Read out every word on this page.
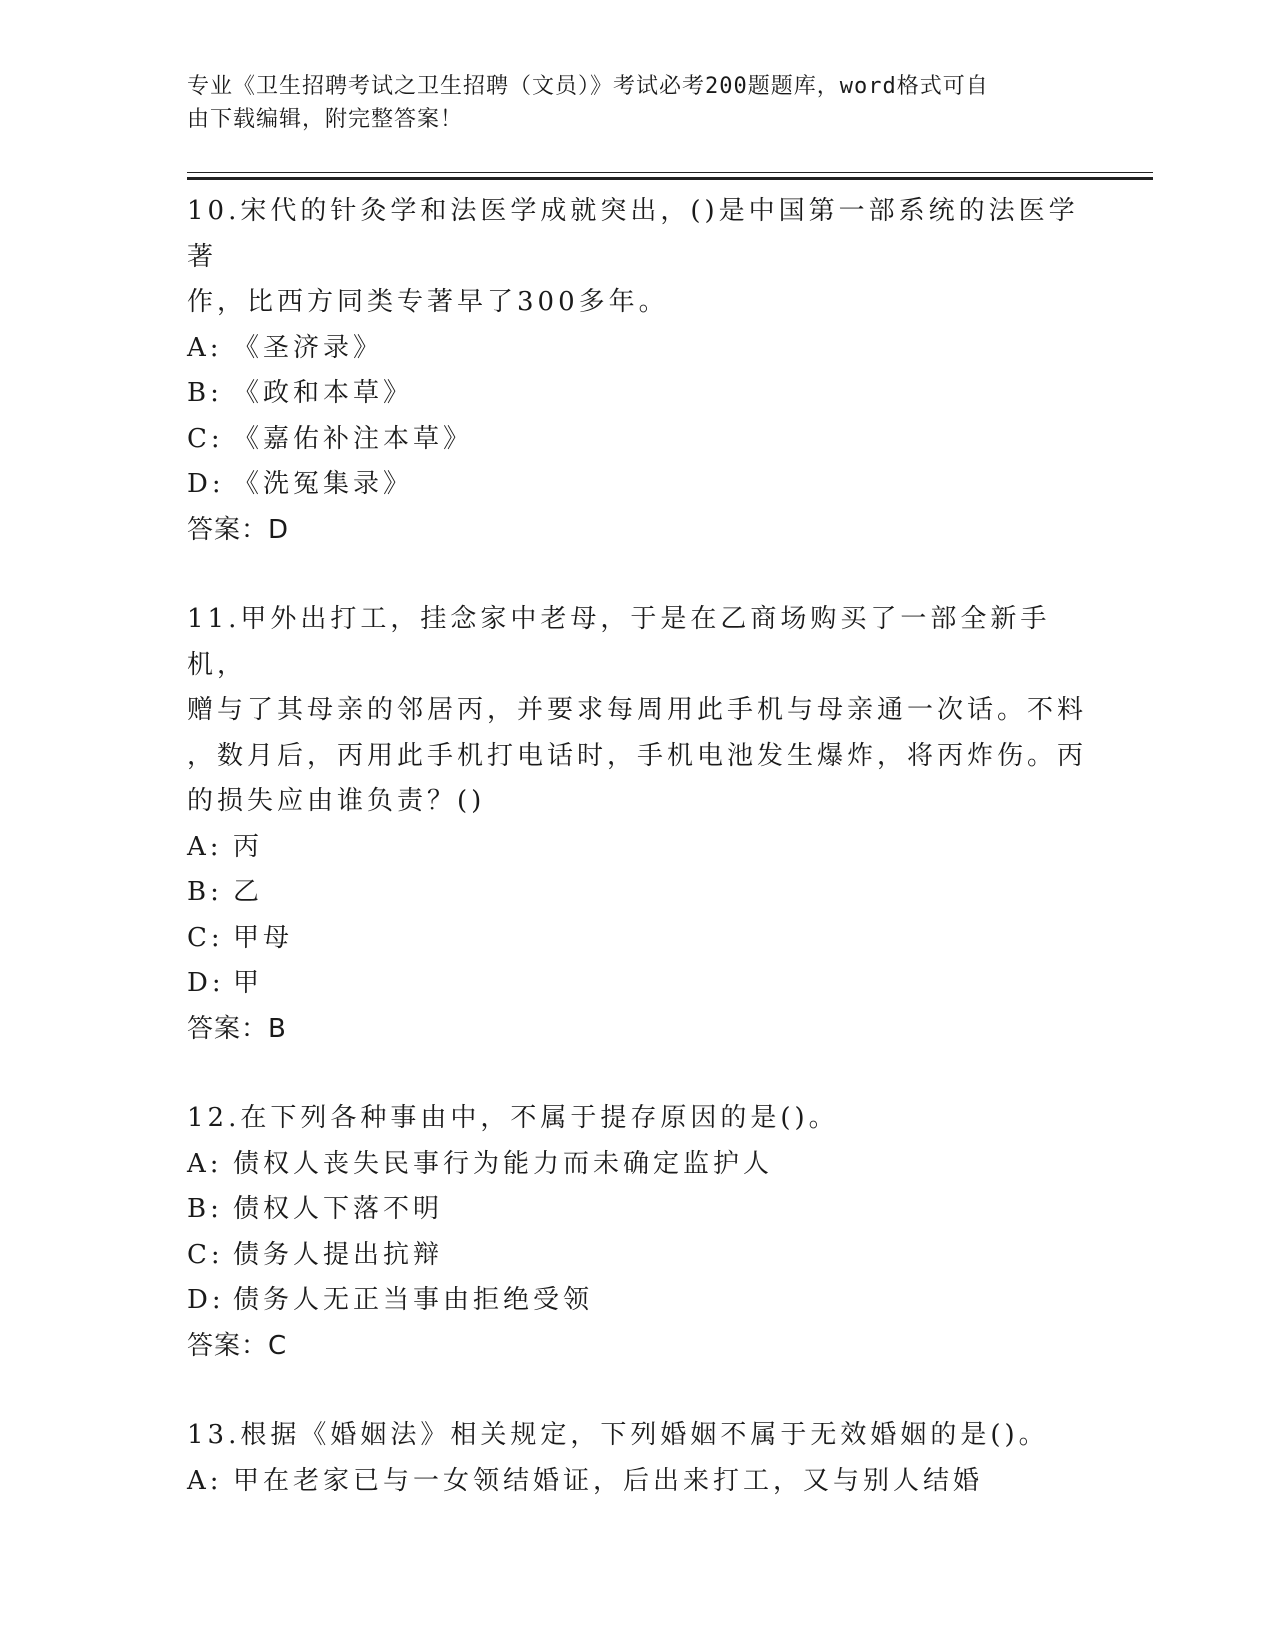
专业《卫生招聘考试之卫生招聘（文员）》考试必考200题题库，word格式可自
由下载编辑，附完整答案！

10.宋代的针灸学和法医学成就突出，()是中国第一部系统的法医学著

作，比西方同类专著早了300多年。

A: 《圣济录》

B: 《政和本草》

C: 《嘉佑补注本草》

D: 《洗冤集录》

答案：D

11.甲外出打工，挂念家中老母，于是在乙商场购买了一部全新手机，

赠与了其母亲的邻居丙，并要求每周用此手机与母亲通一次话。不料

，数月后，丙用此手机打电话时，手机电池发生爆炸，将丙炸伤。丙

的损失应由谁负责？()

A: 丙

B: 乙

C: 甲母

D: 甲

答案：B

12.在下列各种事由中，不属于提存原因的是()。

A: 债权人丧失民事行为能力而未确定监护人

B: 债权人下落不明

C: 债务人提出抗辩

D: 债务人无正当事由拒绝受领

答案：C

13.根据《婚姻法》相关规定，下列婚姻不属于无效婚姻的是()。

A: 甲在老家已与一女领结婚证，后出来打工，又与别人结婚
